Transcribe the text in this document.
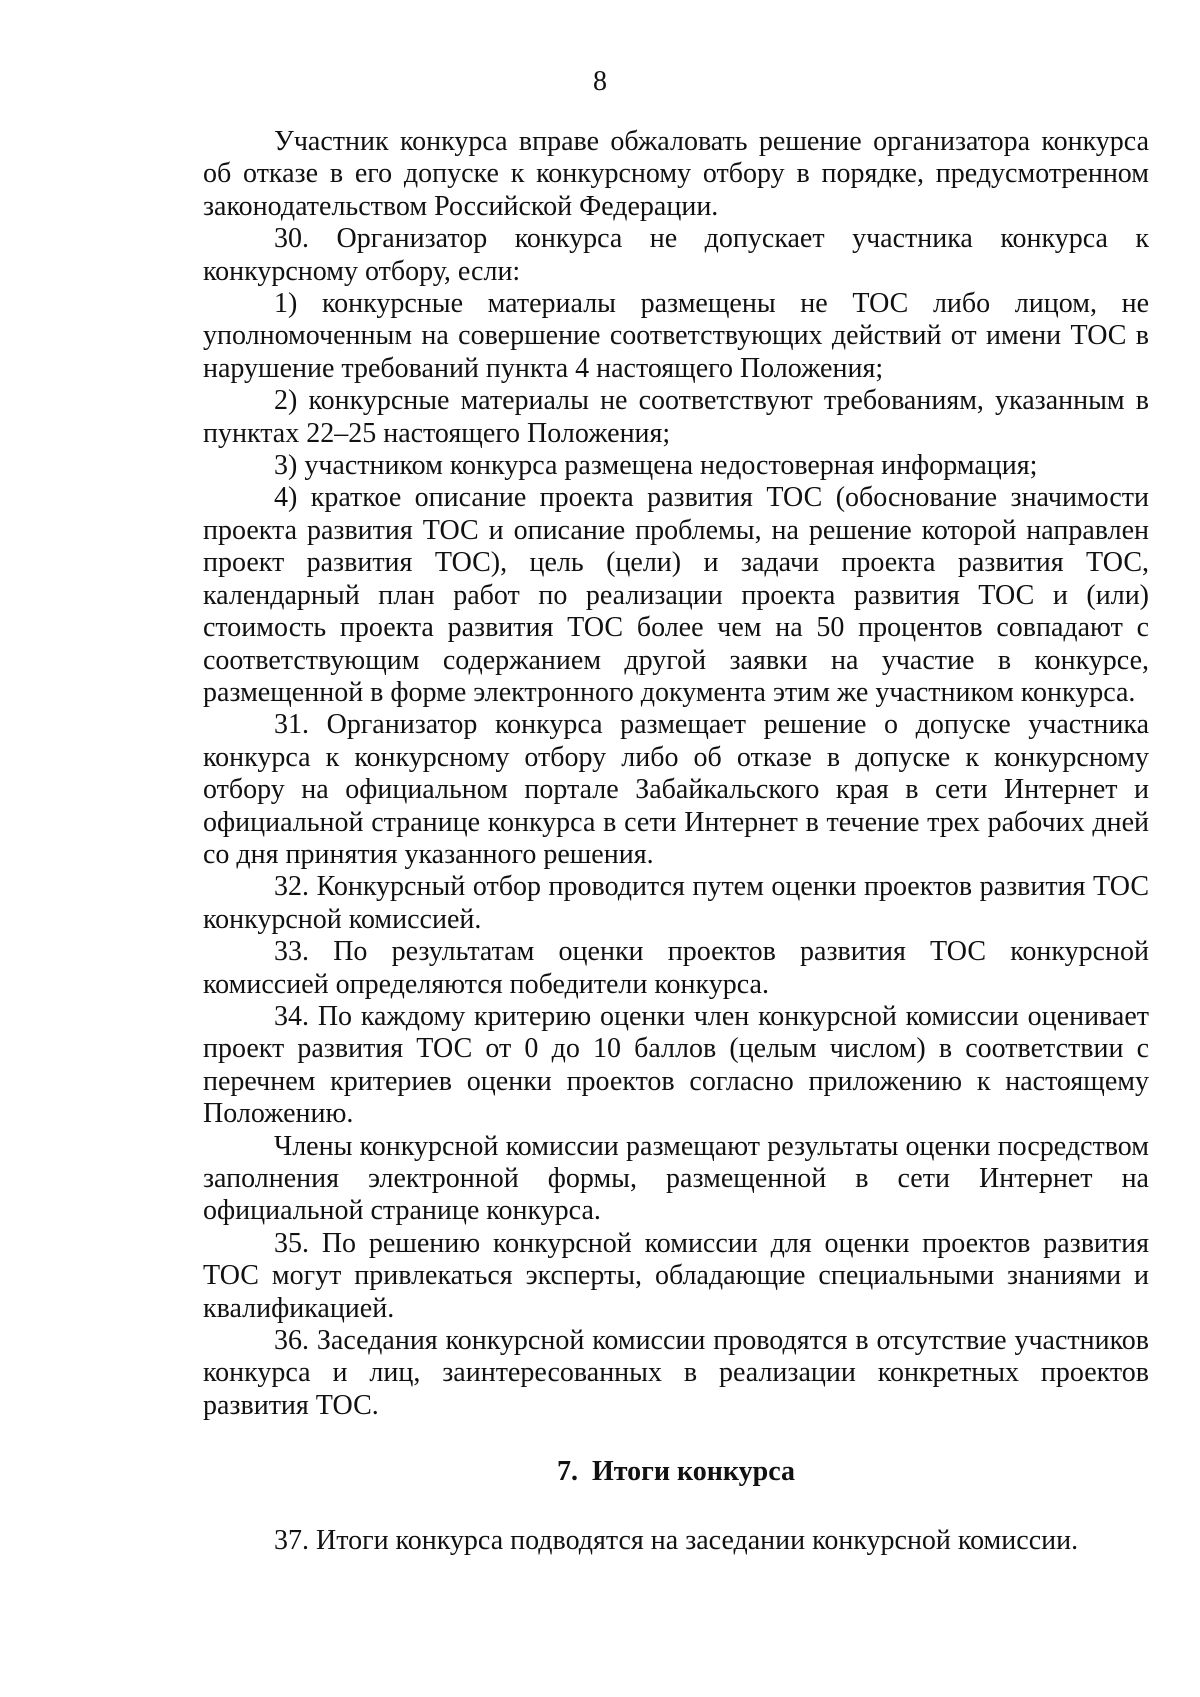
8

Участник конкурса вправе обжаловать решение организатора конкурса об отказе в его допуске к конкурсному отбору в порядке, предусмотренном законодательством Российской Федерации.

30. Организатор конкурса не допускает участника конкурса к конкурсному отбору, если:

1) конкурсные материалы размещены не ТОС либо лицом, не уполномоченным на совершение соответствующих действий от имени ТОС в нарушение требований пункта 4 настоящего Положения;

2) конкурсные материалы не соответствуют требованиям, указанным в пунктах 22–25 настоящего Положения;

3) участником конкурса размещена недостоверная информация;

4) краткое описание проекта развития ТОС (обоснование значимости проекта развития ТОС и описание проблемы, на решение которой направлен проект развития ТОС), цель (цели) и задачи проекта развития ТОС, календарный план работ по реализации проекта развития ТОС и (или) стоимость проекта развития ТОС более чем на 50 процентов совпадают с соответствующим содержанием другой заявки на участие в конкурсе, размещенной в форме электронного документа этим же участником конкурса.

31. Организатор конкурса размещает решение о допуске участника конкурса к конкурсному отбору либо об отказе в допуске к конкурсному отбору на официальном портале Забайкальского края в сети Интернет и официальной странице конкурса в сети Интернет в течение трех рабочих дней со дня принятия указанного решения.

32. Конкурсный отбор проводится путем оценки проектов развития ТОС конкурсной комиссией.

33. По результатам оценки проектов развития ТОС конкурсной комиссией определяются победители конкурса.

34. По каждому критерию оценки член конкурсной комиссии оценивает проект развития ТОС от 0 до 10 баллов (целым числом) в соответствии с перечнем критериев оценки проектов согласно приложению к настоящему Положению.

Члены конкурсной комиссии размещают результаты оценки посредством заполнения электронной формы, размещенной в сети Интернет на официальной странице конкурса.

35. По решению конкурсной комиссии для оценки проектов развития ТОС могут привлекаться эксперты, обладающие специальными знаниями и квалификацией.

36. Заседания конкурсной комиссии проводятся в отсутствие участников конкурса и лиц, заинтересованных в реализации конкретных проектов развития ТОС.

7. Итоги конкурса

37. Итоги конкурса подводятся на заседании конкурсной комиссии.
